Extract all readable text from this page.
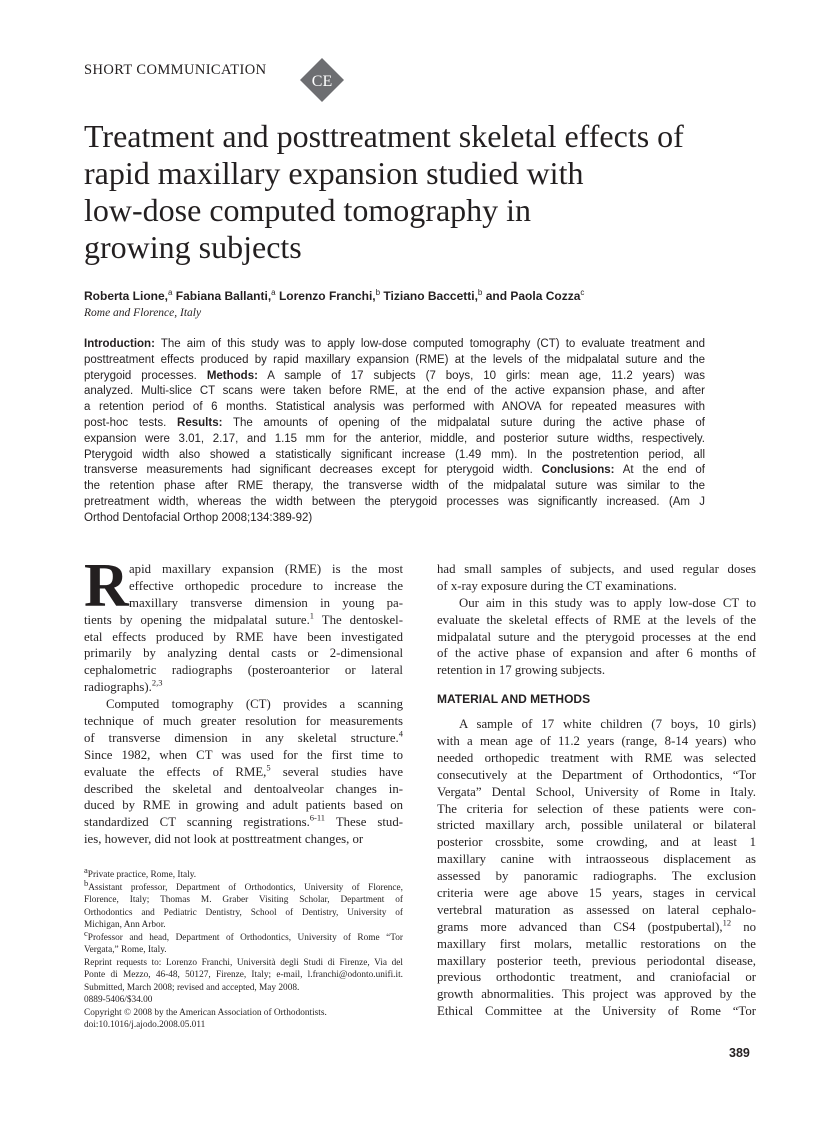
SHORT COMMUNICATION
CE
Treatment and posttreatment skeletal effects of
rapid maxillary expansion studied with
low-dose computed tomography in
growing subjects
Roberta Lione,$^a$ Fabiana Ballanti,$^a$ Lorenzo Franchi,$^b$ Tiziano Baccetti,$^b$ and Paola Cozza$^c$
Rome and Florence, Italy
Introduction: The aim of this study was to apply low-dose computed tomography (CT) to evaluate treatment and
posttreatment effects produced by rapid maxillary expansion (RME) at the levels of the midpalatal suture and the
pterygoid processes. Methods: A sample of 17 subjects (7 boys, 10 girls: mean age, 11.2 years) was
analyzed. Multi-slice CT scans were taken before RME, at the end of the active expansion phase, and after
a retention period of 6 months. Statistical analysis was performed with ANOVA for repeated measures with
post-hoc tests. Results: The amounts of opening of the midpalatal suture during the active phase of
expansion were 3.01, 2.17, and 1.15 mm for the anterior, middle, and posterior suture widths, respectively.
Pterygoid width also showed a statistically significant increase (1.49 mm). In the postretention period, all
transverse measurements had significant decreases except for pterygoid width. Conclusions: At the end of
the retention phase after RME therapy, the transverse width of the midpalatal suture was similar to the
pretreatment width, whereas the width between the pterygoid processes was significantly increased. (Am J
Orthod Dentofacial Orthop 2008;134:389-92)
R apid maxillary expansion (RME) is the most
effective orthopedic procedure to increase the
maxillary transverse dimension in young pa-
tients by opening the midpalatal suture.$^1$ The dentoskel-
etal effects produced by RME have been investigated
primarily by analyzing dental casts or 2-dimensional
cephalometric radiographs (posteroanterior or lateral
radiographs).$^{2,3}$
Computed tomography (CT) provides a scanning
technique of much greater resolution for measurements
of transverse dimension in any skeletal structure.$^4$
Since 1982, when CT was used for the first time to
evaluate the effects of RME,$^5$ several studies have
described the skeletal and dentoalveolar changes in-
duced by RME in growing and adult patients based on
standardized CT scanning registrations.$^{6-11}$ These stud-
ies, however, did not look at posttreatment changes, or
had small samples of subjects, and used regular doses
of x-ray exposure during the CT examinations.
Our aim in this study was to apply low-dose CT to
evaluate the skeletal effects of RME at the levels of the
midpalatal suture and the pterygoid processes at the end
of the active phase of expansion and after 6 months of
retention in 17 growing subjects.
MATERIAL AND METHODS
A sample of 17 white children (7 boys, 10 girls)
with a mean age of 11.2 years (range, 8-14 years) who
needed orthopedic treatment with RME was selected
consecutively at the Department of Orthodontics, “Tor
Vergata” Dental School, University of Rome in Italy.
The criteria for selection of these patients were con-
stricted maxillary arch, possible unilateral or bilateral
posterior crossbite, some crowding, and at least 1
maxillary canine with intraosseous displacement as
assessed by panoramic radiographs. The exclusion
criteria were age above 15 years, stages in cervical
vertebral maturation as assessed on lateral cephalo-
grams more advanced than CS4 (postpubertal),$^{12}$ no
maxillary first molars, metallic restorations on the
maxillary posterior teeth, previous periodontal disease,
previous orthodontic treatment, and craniofacial or
growth abnormalities. This project was approved by the
Ethical Committee at the University of Rome “Tor
$^a$Private practice, Rome, Italy.
$^b$Assistant professor, Department of Orthodontics, University of Florence,
Florence, Italy; Thomas M. Graber Visiting Scholar, Department of
Orthodontics and Pediatric Dentistry, School of Dentistry, University of
Michigan, Ann Arbor.
$^c$Professor and head, Department of Orthodontics, University of Rome “Tor
Vergata,” Rome, Italy.
Reprint requests to: Lorenzo Franchi, Università degli Studi di Firenze, Via del
Ponte di Mezzo, 46-48, 50127, Firenze, Italy; e-mail, l.franchi@odonto.unifi.it.
Submitted, March 2008; revised and accepted, May 2008.
0889-5406/$34.00
Copyright © 2008 by the American Association of Orthodontists.
doi:10.1016/j.ajodo.2008.05.011
389
